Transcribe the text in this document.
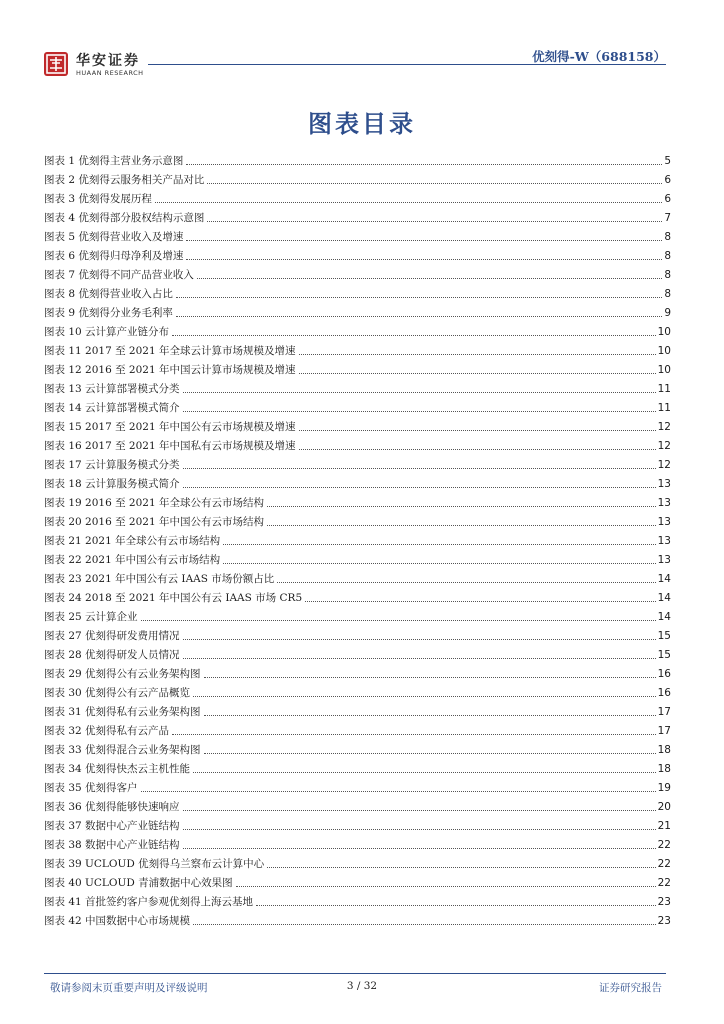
华安证券
HUAAN RESEARCH
优刻得-W（688158）
图表目录
图表 1 优刻得主营业务示意图	5
图表 2 优刻得云服务相关产品对比	6
图表 3 优刻得发展历程	6
图表 4 优刻得部分股权结构示意图	7
图表 5 优刻得营业收入及增速	8
图表 6 优刻得归母净利及增速	8
图表 7 优刻得不同产品营业收入	8
图表 8 优刻得营业收入占比	8
图表 9 优刻得分业务毛利率	9
图表 10 云计算产业链分布	10
图表 11 2017 至 2021 年全球云计算市场规模及增速	10
图表 12 2016 至 2021 年中国云计算市场规模及增速	10
图表 13 云计算部署模式分类	11
图表 14 云计算部署模式简介	11
图表 15 2017 至 2021 年中国公有云市场规模及增速	12
图表 16 2017 至 2021 年中国私有云市场规模及增速	12
图表 17 云计算服务模式分类	12
图表 18 云计算服务模式简介	13
图表 19 2016 至 2021 年全球公有云市场结构	13
图表 20 2016 至 2021 年中国公有云市场结构	13
图表 21 2021 年全球公有云市场结构	13
图表 22 2021 年中国公有云市场结构	13
图表 23 2021 年中国公有云 IAAS 市场份额占比	14
图表 24 2018 至 2021 年中国公有云 IAAS 市场 CR5	14
图表 25 云计算企业	14
图表 27 优刻得研发费用情况	15
图表 28 优刻得研发人员情况	15
图表 29 优刻得公有云业务架构图	16
图表 30 优刻得公有云产品概览	16
图表 31 优刻得私有云业务架构图	17
图表 32 优刻得私有云产品	17
图表 33 优刻得混合云业务架构图	18
图表 34 优刻得快杰云主机性能	18
图表 35 优刻得客户	19
图表 36 优刻得能够快速响应	20
图表 37 数据中心产业链结构	21
图表 38 数据中心产业链结构	22
图表 39 UCLOUD 优刻得乌兰察布云计算中心	22
图表 40 UCLOUD 青浦数据中心效果图	22
图表 41 首批签约客户参观优刻得上海云基地	23
图表 42 中国数据中心市场规模	23
敬请参阅末页重要声明及评级说明	3 / 32	证券研究报告
